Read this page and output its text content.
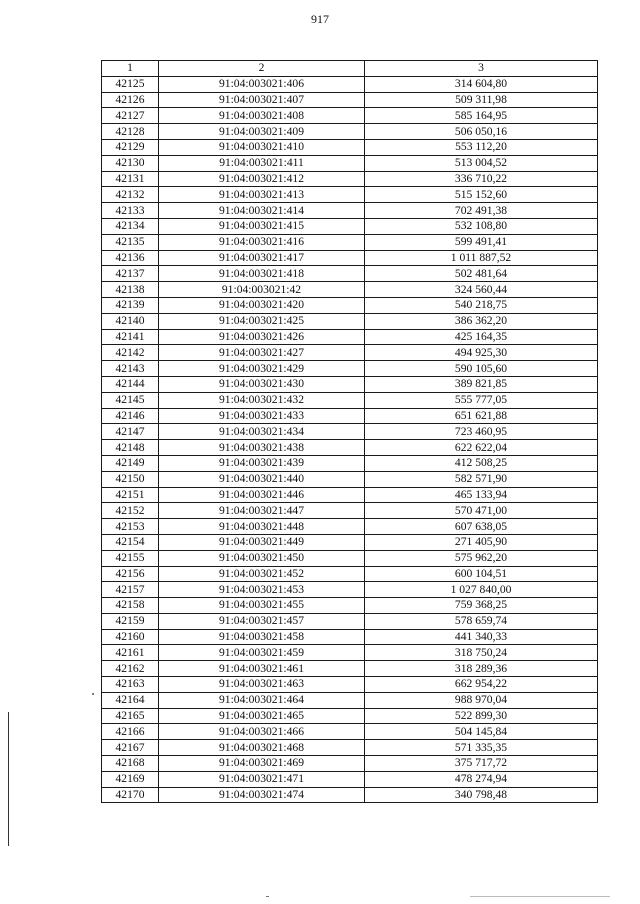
917
1	2	3
42125	91:04:003021:406	314 604,80
42126	91:04:003021:407	509 311,98
42127	91:04:003021:408	585 164,95
42128	91:04:003021:409	506 050,16
42129	91:04:003021:410	553 112,20
42130	91:04:003021:411	513 004,52
42131	91:04:003021:412	336 710,22
42132	91:04:003021:413	515 152,60
42133	91:04:003021:414	702 491,38
42134	91:04:003021:415	532 108,80
42135	91:04:003021:416	599 491,41
42136	91:04:003021:417	1 011 887,52
42137	91:04:003021:418	502 481,64
42138	91:04:003021:42	324 560,44
42139	91:04:003021:420	540 218,75
42140	91:04:003021:425	386 362,20
42141	91:04:003021:426	425 164,35
42142	91:04:003021:427	494 925,30
42143	91:04:003021:429	590 105,60
42144	91:04:003021:430	389 821,85
42145	91:04:003021:432	555 777,05
42146	91:04:003021:433	651 621,88
42147	91:04:003021:434	723 460,95
42148	91:04:003021:438	622 622,04
42149	91:04:003021:439	412 508,25
42150	91:04:003021:440	582 571,90
42151	91:04:003021:446	465 133,94
42152	91:04:003021:447	570 471,00
42153	91:04:003021:448	607 638,05
42154	91:04:003021:449	271 405,90
42155	91:04:003021:450	575 962,20
42156	91:04:003021:452	600 104,51
42157	91:04:003021:453	1 027 840,00
42158	91:04:003021:455	759 368,25
42159	91:04:003021:457	578 659,74
42160	91:04:003021:458	441 340,33
42161	91:04:003021:459	318 750,24
42162	91:04:003021:461	318 289,36
42163	91:04:003021:463	662 954,22
42164	91:04:003021:464	988 970,04
42165	91:04:003021:465	522 899,30
42166	91:04:003021:466	504 145,84
42167	91:04:003021:468	571 335,35
42168	91:04:003021:469	375 717,72
42169	91:04:003021:471	478 274,94
42170	91:04:003021:474	340 798,48
